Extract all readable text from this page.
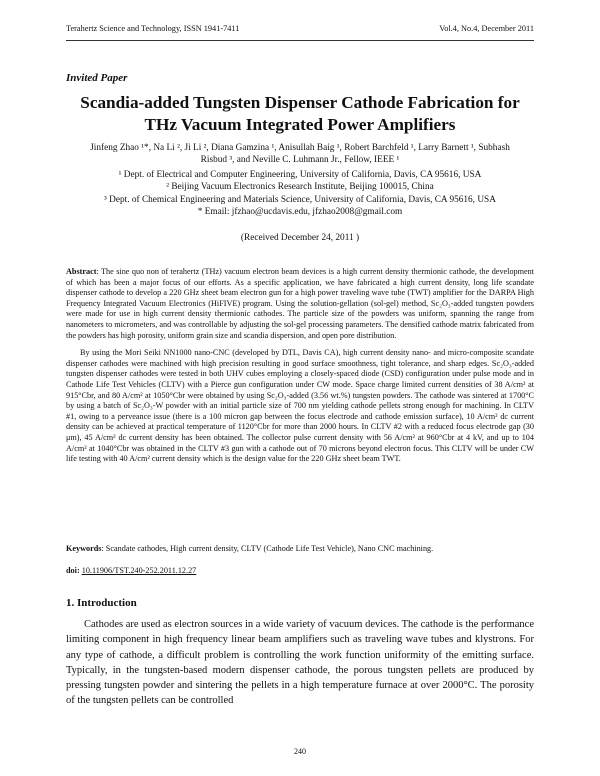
Terahertz Science and Technology, ISSN 1941-7411	Vol.4, No.4, December 2011
Invited Paper
Scandia-added Tungsten Dispenser Cathode Fabrication for THz Vacuum Integrated Power Amplifiers
Jinfeng Zhao ¹*, Na Li ², Ji Li ², Diana Gamzina ¹, Anisullah Baig ¹, Robert Barchfeld ¹, Larry Barnett ¹, Subhash
Risbud ³, and Neville C. Luhmann Jr., Fellow, IEEE ¹
¹ Dept. of Electrical and Computer Engineering, University of California, Davis, CA 95616, USA
² Beijing Vacuum Electronics Research Institute, Beijing 100015, China
³ Dept. of Chemical Engineering and Materials Science, University of California, Davis, CA 95616, USA
* Email: jfzhao@ucdavis.edu, jfzhao2008@gmail.com
(Received December 24, 2011 )

Abstract: The sine quo non of terahertz (THz) vacuum electron beam devices is a high current density thermionic cathode, the development of which has been a major focus of our efforts. As a specific application, we have fabricated a high current density, long life scandate dispenser cathode to develop a 220 GHz sheet beam electron gun for a high power traveling wave tube (TWT) amplifier for the DARPA High Frequency Integrated Vacuum Electronics (HiFIVE) program. Using the solution-gellation (sol-gel) method, Sc₂O₃-added tungsten powders were made for use in high current density thermionic cathodes. The particle size of the powders was uniform, spanning the range from nanometers to micrometers, and was controllable by adjusting the sol-gel processing parameters. The densified cathode matrix fabricated from the powders has high porosity, uniform grain size and scandia dispersion, and open pore distribution.

By using the Mori Seiki NN1000 nano-CNC (developed by DTL, Davis CA), high current density nano- and micro-composite scandate dispenser cathodes were machined with high precision resulting in good surface smoothness, tight tolerance, and sharp edges. Sc₂O₃-added tungsten dispenser cathodes were tested in both UHV cubes employing a closely-spaced diode (CSD) configuration under pulse mode and in Cathode Life Test Vehicles (CLTV) with a Pierce gun configuration under CW mode. Space charge limited current densities of 38 A/cm² at 915°Cbr, and 80 A/cm² at 1050°Cbr were obtained by using Sc₂O₃-added (3.56 wt.%) tungsten powders. The cathode was sintered at 1700°C by using a batch of Sc₂O₃-W powder with an initial particle size of 700 nm yielding cathode pellets strong enough for machining. In CLTV #1, owing to a perveance issue (there is a 100 micron gap between the focus electrode and cathode emission surface), 10 A/cm² dc current density can be achieved at practical temperature of 1120°Cbr for more than 2000 hours. In CLTV #2 with a reduced focus electrode gap (30 μm), 45 A/cm² dc current density has been obtained. The collector pulse current density with 56 A/cm² at 960°Cbr at 4 kV, and up to 104 A/cm² at 1040°Cbr was obtained in the CLTV #3 gun with a cathode out of 70 microns beyond electron focus. This CLTV will be under CW life testing with 40 A/cm² current density which is the design value for the 220 GHz sheet beam TWT.

Keywords: Scandate cathodes, High current density, CLTV (Cathode Life Test Vehicle), Nano CNC machining.
doi: 10.11906/TST.240-252.2011.12.27
1. Introduction
Cathodes are used as electron sources in a wide variety of vacuum devices. The cathode is the performance limiting component in high frequency linear beam amplifiers such as traveling wave tubes and klystrons. For any type of cathode, a difficult problem is controlling the work function uniformity of the emitting surface. Typically, in the tungsten-based modern dispenser cathode, the porous tungsten pellets are produced by pressing tungsten powder and sintering the pellets in a high temperature furnace at over 2000°C. The porosity of the tungsten pellets can be controlled
240
